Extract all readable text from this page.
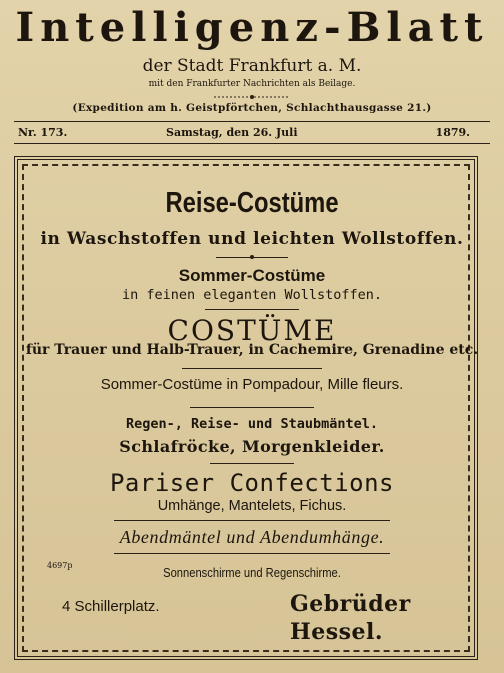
Intelligenz-Blatt
der Stadt Frankfurt a. M.
mit den Frankfurter Nachrichten als Beilage.
(Expedition am h. Geistpförtchen, Schlachthausgasse 21.)
Nr. 173.	Samstag, den 26. Juli	1879.
Reise-Costüme
in Waschstoffen und leichten Wollstoffen.
Sommer-Costüme
in feinen eleganten Wollstoffen.
COSTÜME
für Trauer und Halb-Trauer, in Cachemire, Grenadine etc.
Sommer-Costüme in Pompadour, Mille fleurs.
Regen-, Reise- und Staubmäntel.
Schlafröcke, Morgenkleider.
Pariser Confections
Umhänge, Mantelets, Fichus.
Abendmäntel und Abendumhänge.
4697p	Sonnenschirme und Regenschirme.
4 Schillerplatz.	Gebrüder Hessel.
